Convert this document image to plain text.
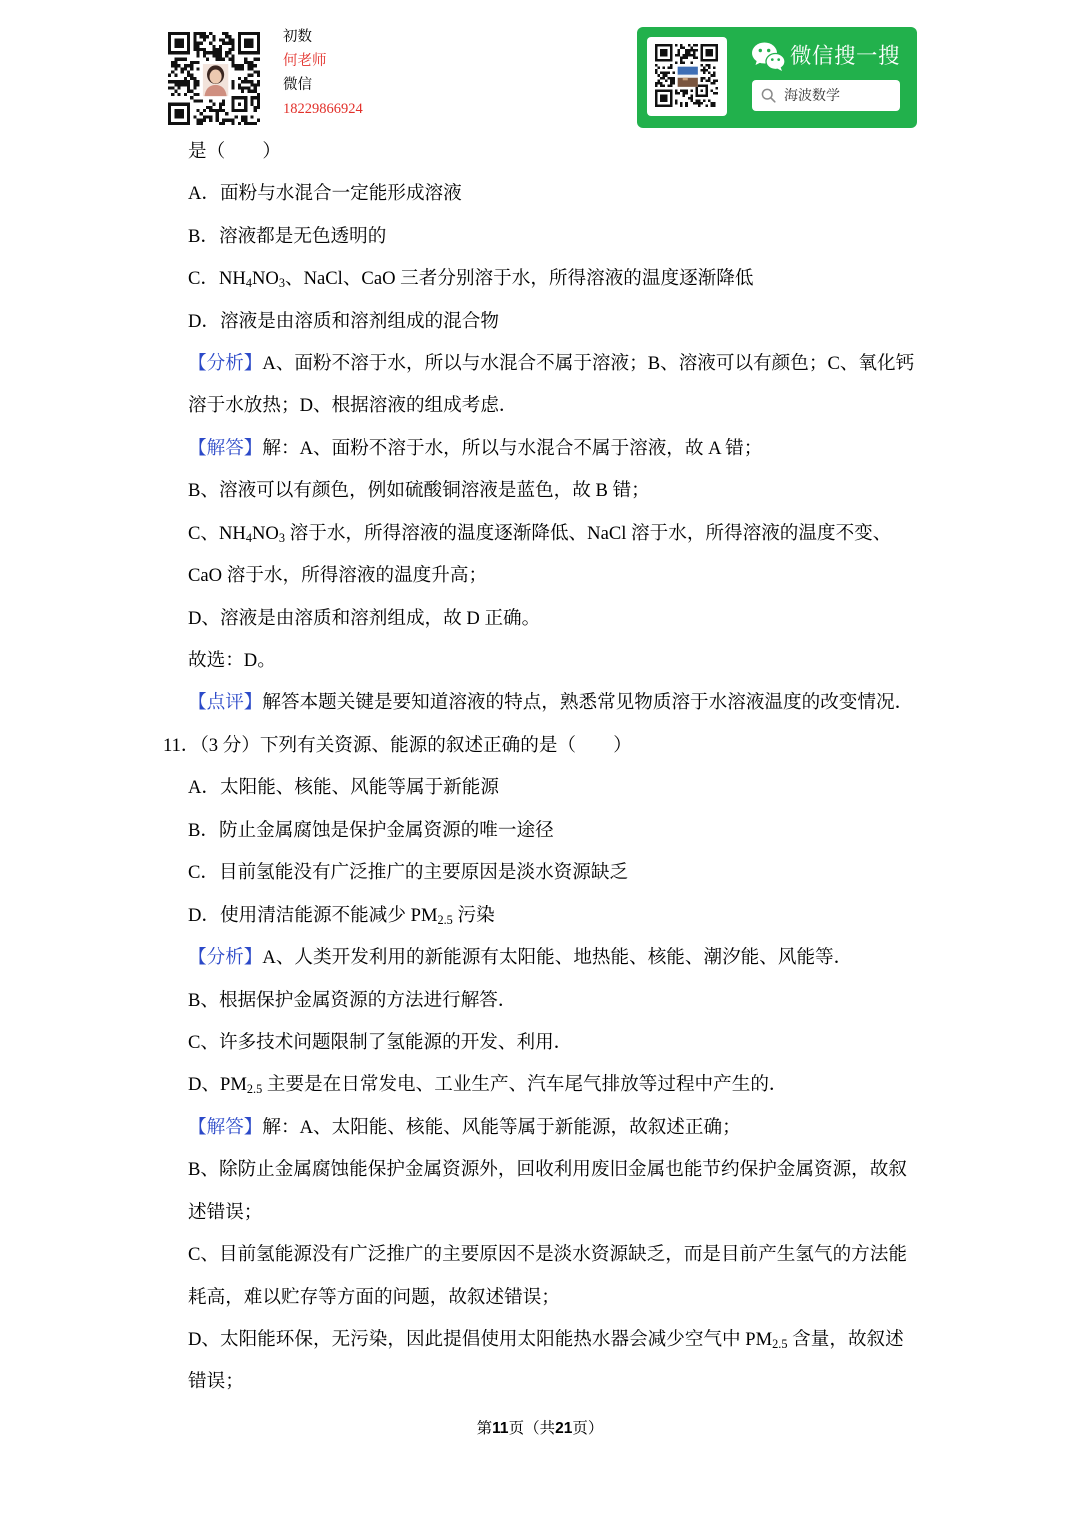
初数
何老师
微信
18229866924
微信搜一搜
海波数学
是（　　）
A．面粉与水混合一定能形成溶液
B．溶液都是无色透明的
C．$NH_4NO_3$、NaCl、CaO 三者分别溶于水，所得溶液的温度逐渐降低
D．溶液是由溶质和溶剂组成的混合物
【分析】A、面粉不溶于水，所以与水混合不属于溶液；B、溶液可以有颜色；C、氧化钙
溶于水放热；D、根据溶液的组成考虑．
【解答】解：A、面粉不溶于水，所以与水混合不属于溶液，故 A 错；
B、溶液可以有颜色，例如硫酸铜溶液是蓝色，故 B 错；
C、$NH_4NO_3$ 溶于水，所得溶液的温度逐渐降低、NaCl 溶于水，所得溶液的温度不变、
CaO 溶于水，所得溶液的温度升高；
D、溶液是由溶质和溶剂组成，故 D 正确。
故选：D。
【点评】解答本题关键是要知道溶液的特点，熟悉常见物质溶于水溶液温度的改变情况．
11．（3 分）下列有关资源、能源的叙述正确的是（　　）
A．太阳能、核能、风能等属于新能源
B．防止金属腐蚀是保护金属资源的唯一途径
C．目前氢能没有广泛推广的主要原因是淡水资源缺乏
D．使用清洁能源不能减少 $PM_{2.5}$ 污染
【分析】A、人类开发利用的新能源有太阳能、地热能、核能、潮汐能、风能等．
B、根据保护金属资源的方法进行解答．
C、许多技术问题限制了氢能源的开发、利用．
D、$PM_{2.5}$ 主要是在日常发电、工业生产、汽车尾气排放等过程中产生的．
【解答】解：A、太阳能、核能、风能等属于新能源，故叙述正确；
B、除防止金属腐蚀能保护金属资源外，回收利用废旧金属也能节约保护金属资源，故叙
述错误；
C、目前氢能源没有广泛推广的主要原因不是淡水资源缺乏，而是目前产生氢气的方法能
耗高，难以贮存等方面的问题，故叙述错误；
D、太阳能环保，无污染，因此提倡使用太阳能热水器会减少空气中 $PM_{2.5}$ 含量，故叙述
错误；
第11页（共21页）
